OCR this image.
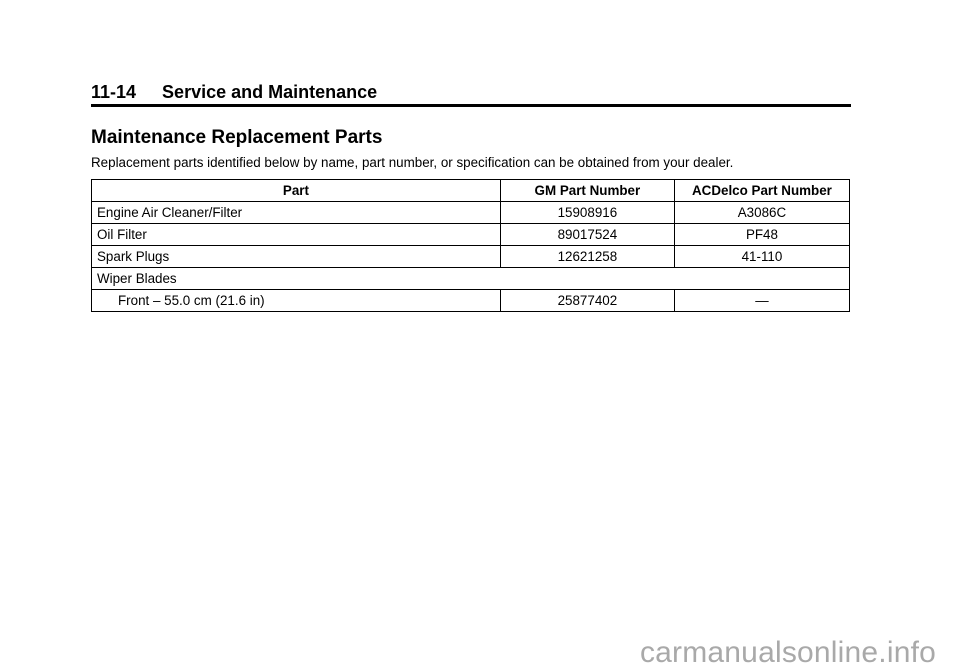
11-14 Service and Maintenance
Maintenance Replacement Parts
Replacement parts identified below by name, part number, or specification can be obtained from your dealer.
Part	GM Part Number	ACDelco Part Number
Engine Air Cleaner/Filter	15908916	A3086C
Oil Filter	89017524	PF48
Spark Plugs	12621258	41-110
Wiper Blades		
Front – 55.0 cm (21.6 in)	25877402	—
carmanualsonline.info
